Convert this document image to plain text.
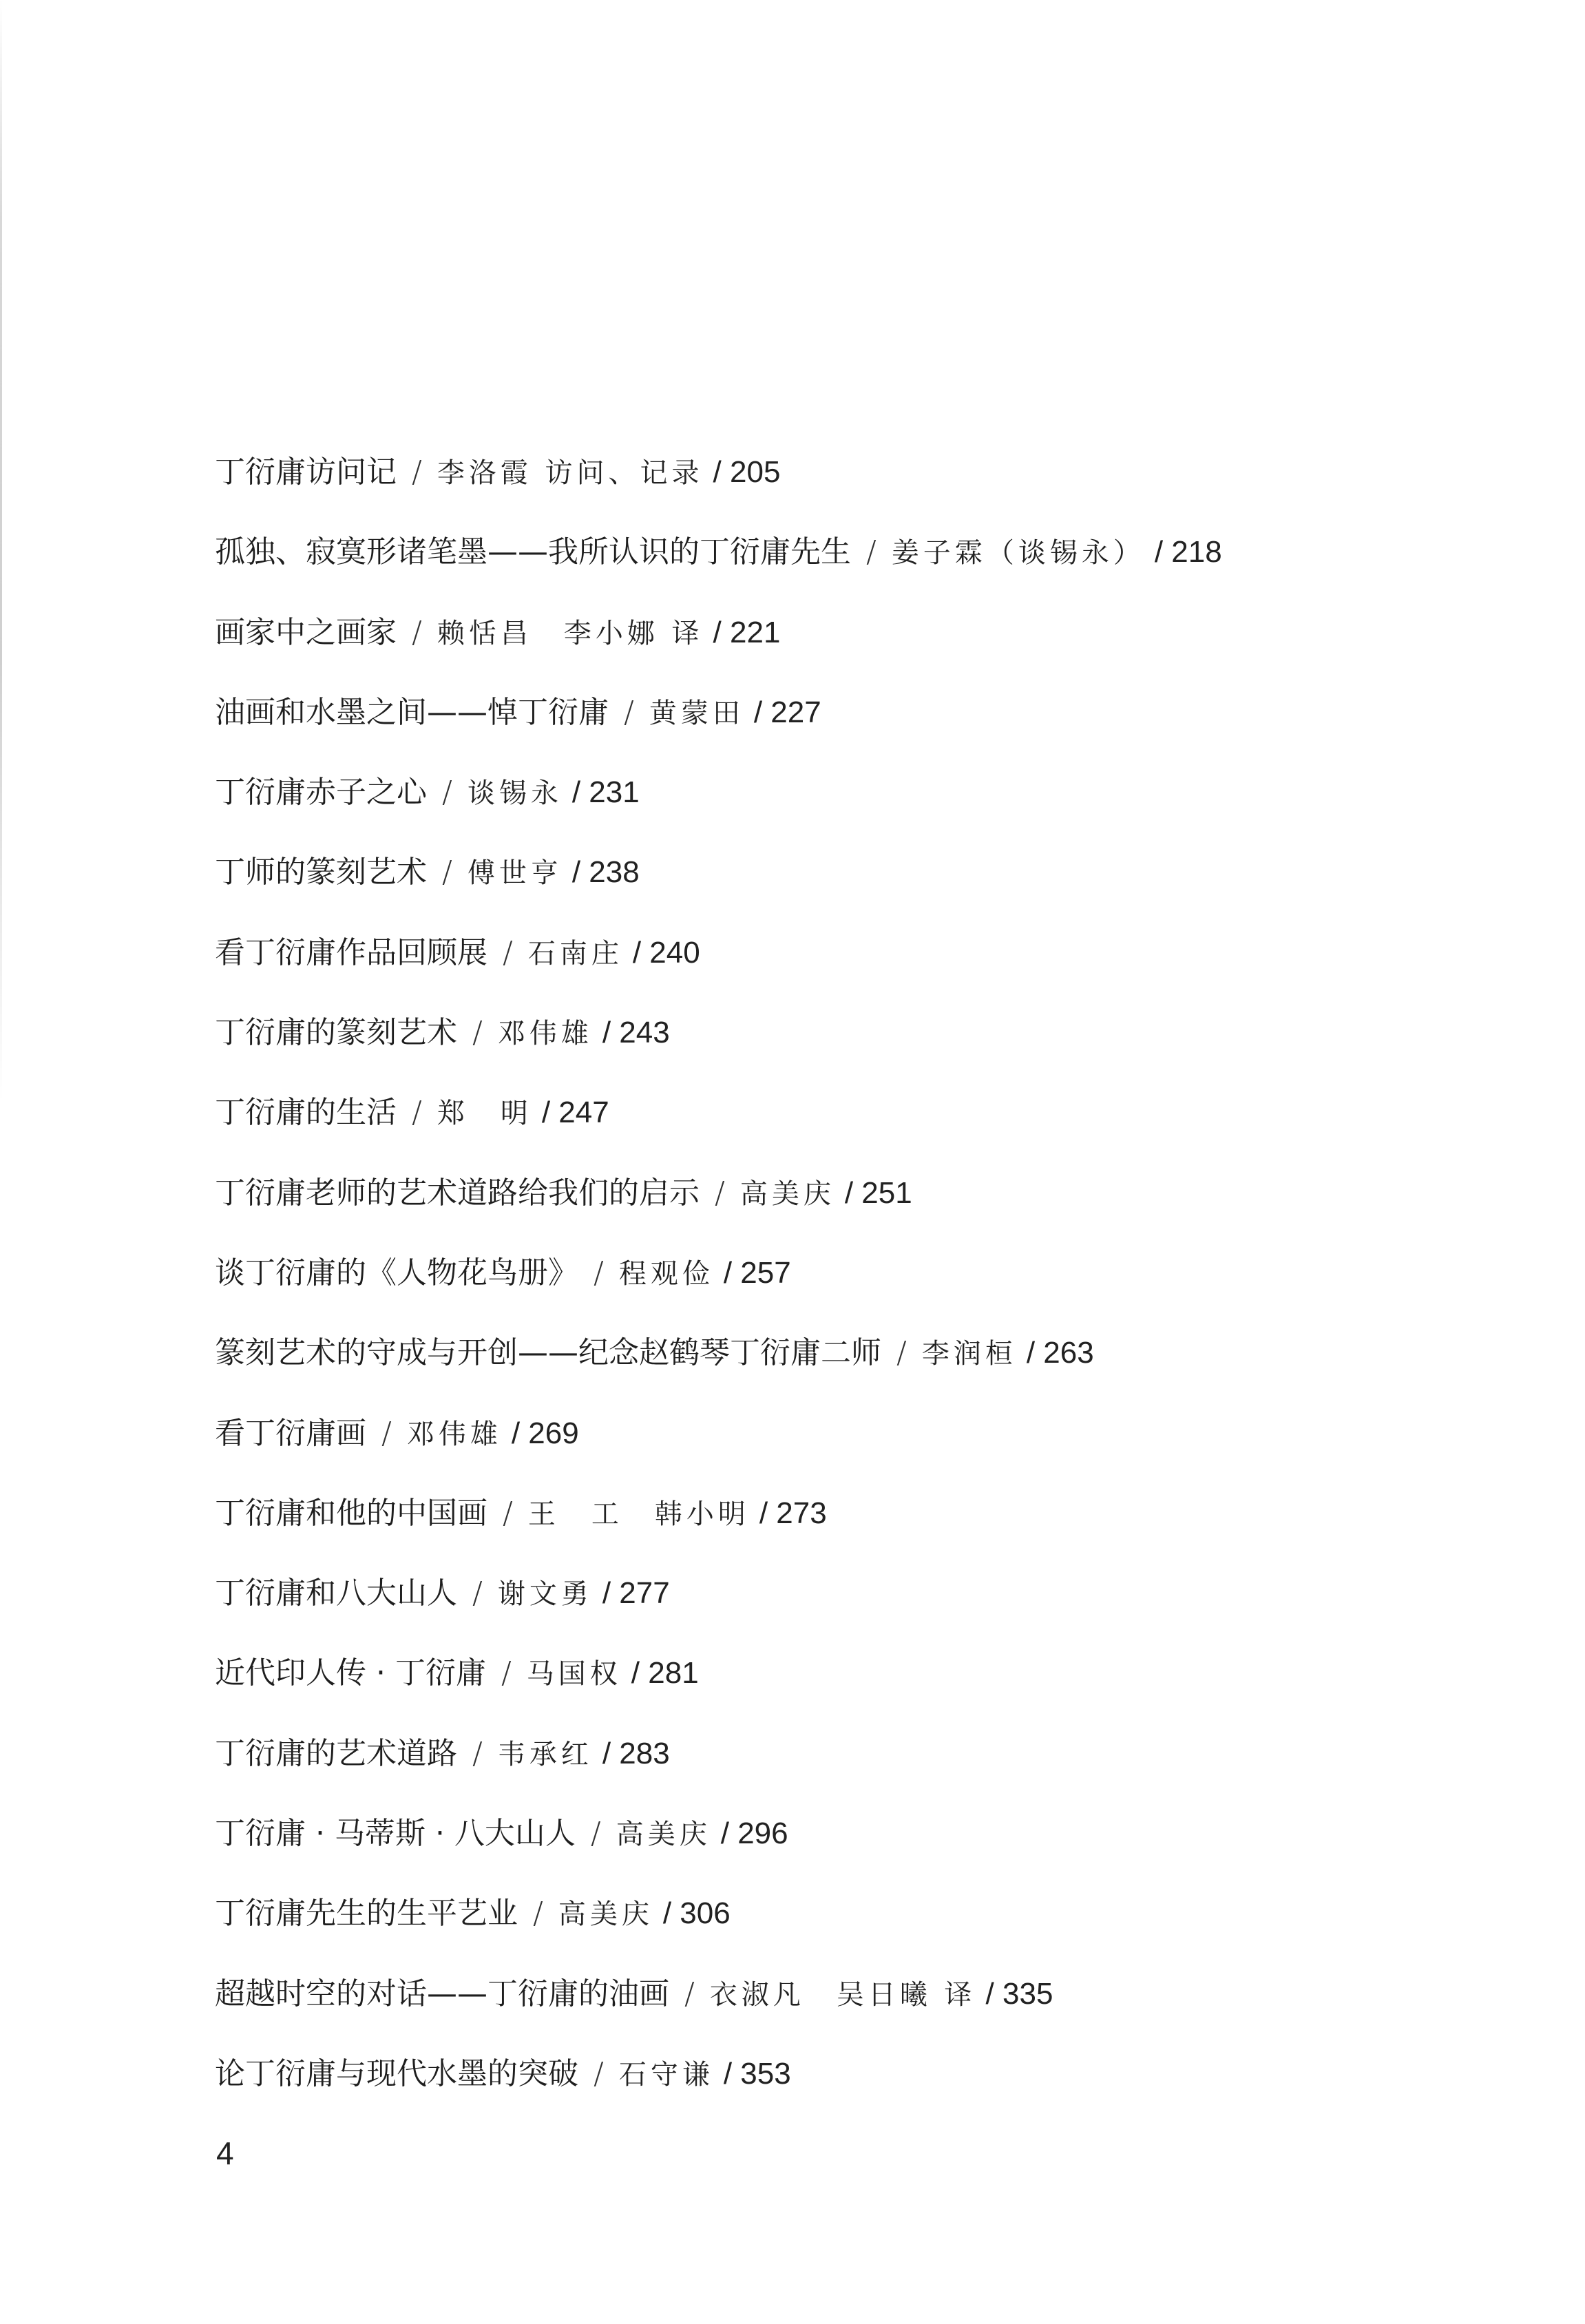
丁衍庸访问记 / 李洛霞 访问、记录 / 205
孤独、寂寞形诸笔墨——我所认识的丁衍庸先生 / 姜子霖（谈锡永） / 218
画家中之画家 / 赖恬昌　李小娜 译 / 221
油画和水墨之间——悼丁衍庸 / 黄蒙田 / 227
丁衍庸赤子之心 / 谈锡永 / 231
丁师的篆刻艺术 / 傅世亨 / 238
看丁衍庸作品回顾展 / 石南庄 / 240
丁衍庸的篆刻艺术 / 邓伟雄 / 243
丁衍庸的生活 / 郑　明 / 247
丁衍庸老师的艺术道路给我们的启示 / 高美庆 / 251
谈丁衍庸的《人物花鸟册》 / 程观俭 / 257
篆刻艺术的守成与开创——纪念赵鹤琴丁衍庸二师 / 李润桓 / 263
看丁衍庸画 / 邓伟雄 / 269
丁衍庸和他的中国画 / 王　工　韩小明 / 273
丁衍庸和八大山人 / 谢文勇 / 277
近代印人传 · 丁衍庸 / 马国权 / 281
丁衍庸的艺术道路 / 韦承红 / 283
丁衍庸 · 马蒂斯 · 八大山人 / 高美庆 / 296
丁衍庸先生的生平艺业 / 高美庆 / 306
超越时空的对话——丁衍庸的油画 / 衣淑凡　吴日曦 译 / 335
论丁衍庸与现代水墨的突破 / 石守谦 / 353
4
